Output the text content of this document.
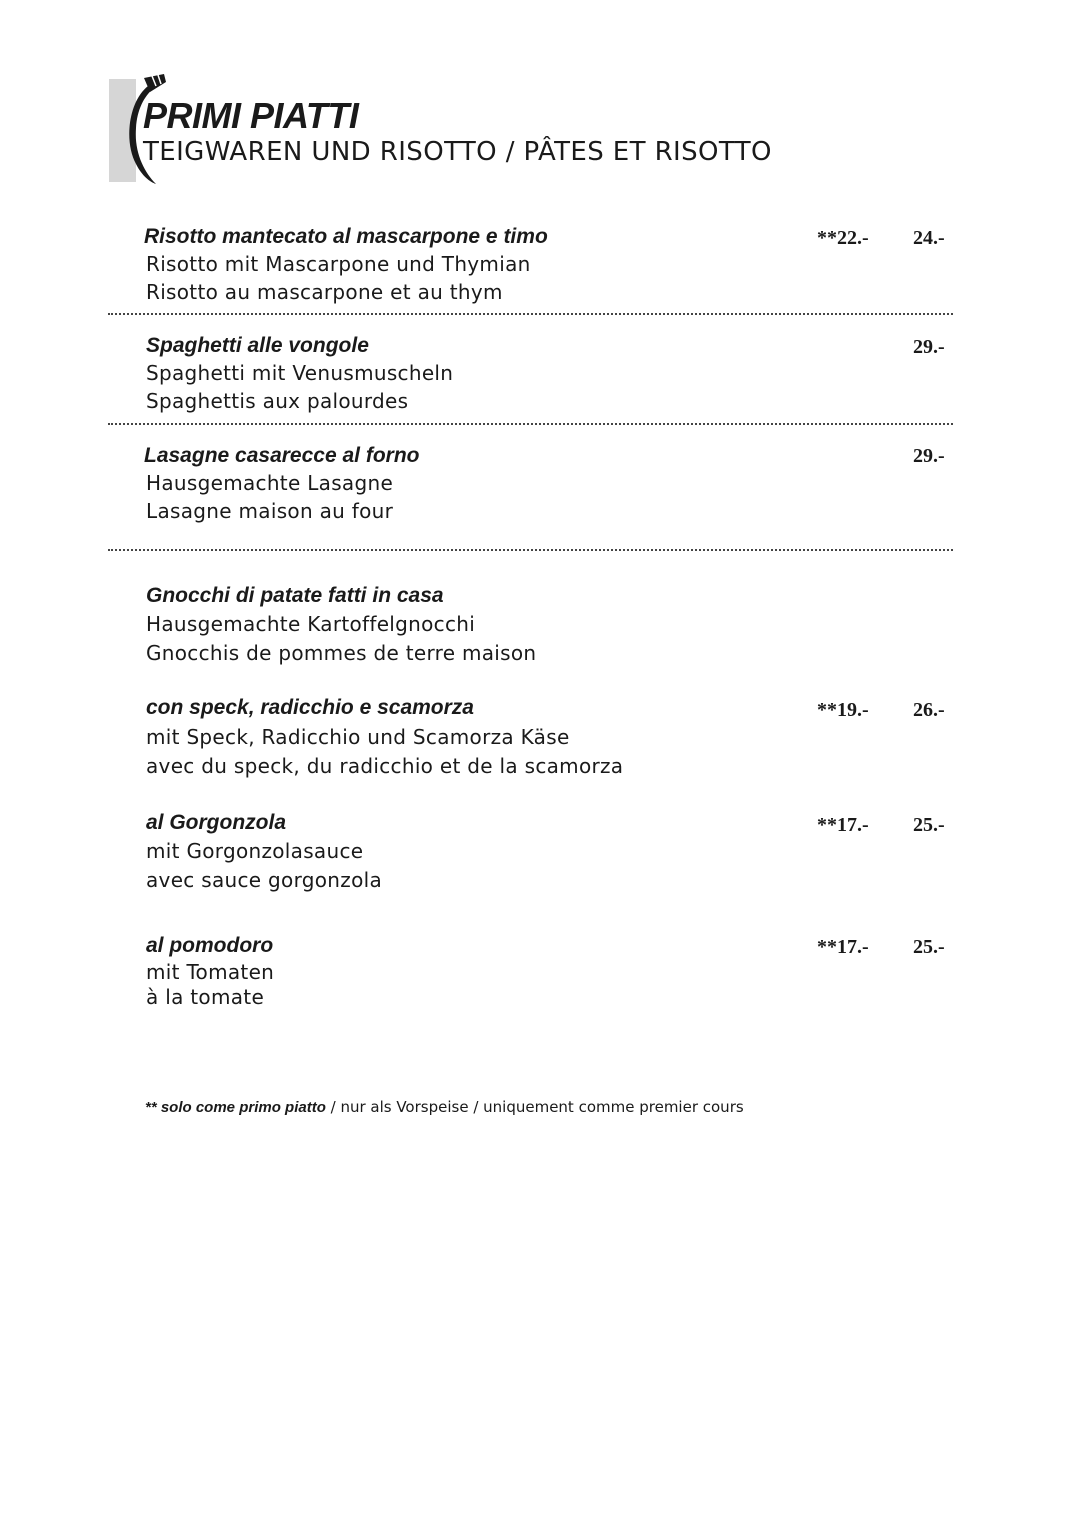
PRIMI PIATTI
TEIGWAREN UND RISOTTO / PÂTES ET RISOTTO
Risotto mantecato al mascarpone e timo	**22.- 24.-
Risotto mit Mascarpone und Thymian
Risotto au mascarpone et au thym
Spaghetti alle vongole	29.-
Spaghetti mit Venusmuscheln
Spaghettis aux palourdes
Lasagne casarecce al forno	29.-
Hausgemachte Lasagne
Lasagne maison au four
Gnocchi di patate fatti in casa
Hausgemachte Kartoffelgnocchi
Gnocchis de pommes de terre maison
con speck, radicchio e scamorza	**19.- 26.-
mit Speck, Radicchio und Scamorza Käse
avec du speck, du radicchio et de la scamorza
al Gorgonzola	**17.- 25.-
mit Gorgonzolasauce
avec sauce gorgonzola
al pomodoro	**17.- 25.-
mit Tomaten
à la tomate
** solo come primo piatto / nur als Vorspeise / uniquement comme premier cours
